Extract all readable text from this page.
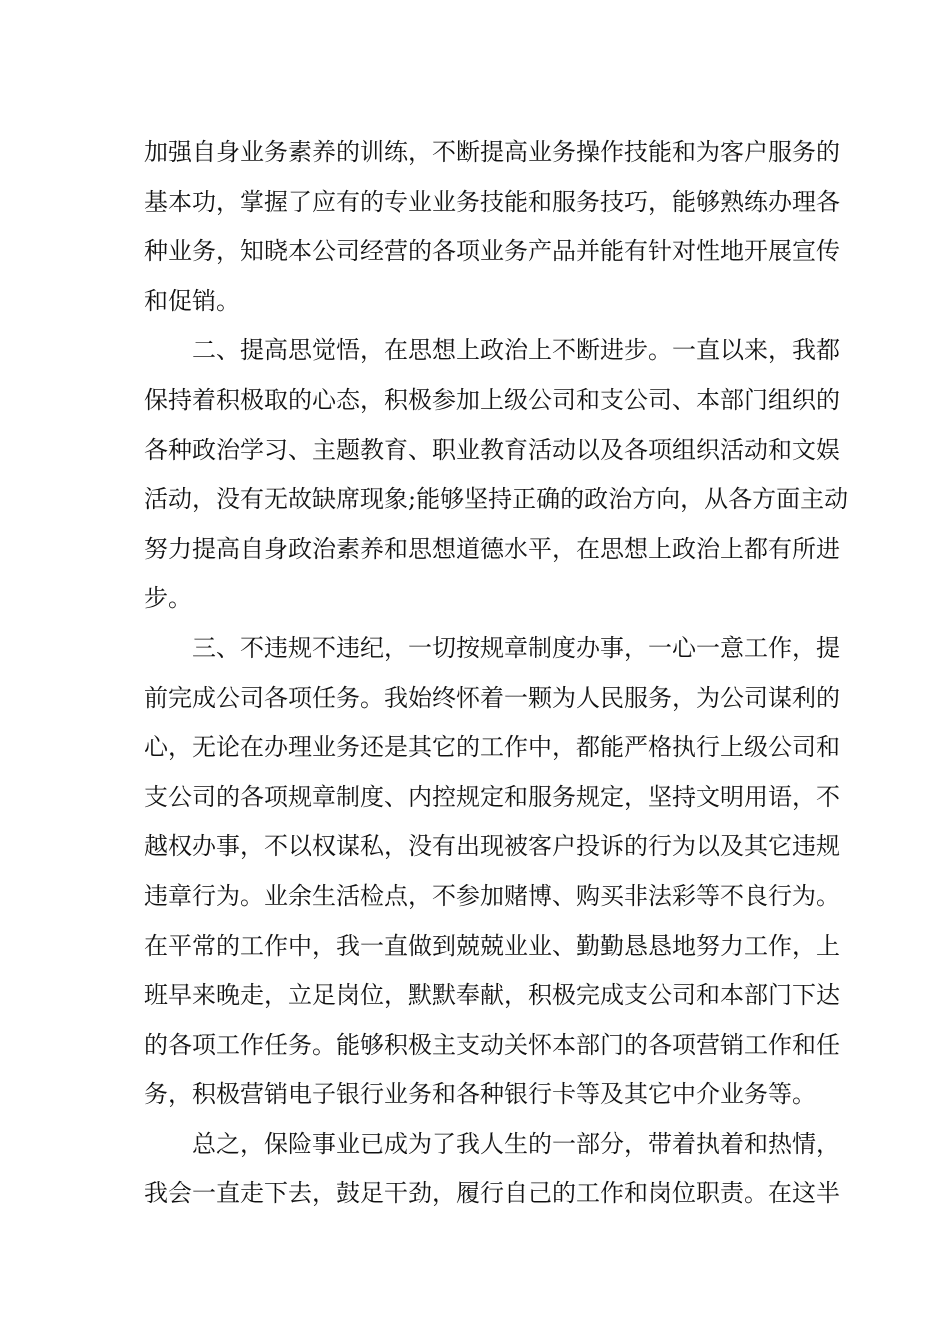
加强自身业务素养的训练，不断提高业务操作技能和为客户服务的
基本功，掌握了应有的专业业务技能和服务技巧，能够熟练办理各
种业务，知晓本公司经营的各项业务产品并能有针对性地开展宣传
和促销。
二、提高思觉悟，在思想上政治上不断进步。一直以来，我都
保持着积极取的心态，积极参加上级公司和支公司、本部门组织的
各种政治学习、主题教育、职业教育活动以及各项组织活动和文娱
活动，没有无故缺席现象;能够坚持正确的政治方向，从各方面主动
努力提高自身政治素养和思想道德水平，在思想上政治上都有所进
步。
三、不违规不违纪，一切按规章制度办事，一心一意工作，提
前完成公司各项任务。我始终怀着一颗为人民服务，为公司谋利的
心，无论在办理业务还是其它的工作中，都能严格执行上级公司和
支公司的各项规章制度、内控规定和服务规定，坚持文明用语，不
越权办事，不以权谋私，没有出现被客户投诉的行为以及其它违规
违章行为。业余生活检点，不参加赌博、购买非法彩等不良行为。
在平常的工作中，我一直做到兢兢业业、勤勤恳恳地努力工作，上
班早来晚走，立足岗位，默默奉献，积极完成支公司和本部门下达
的各项工作任务。能够积极主支动关怀本部门的各项营销工作和任
务，积极营销电子银行业务和各种银行卡等及其它中介业务等。
总之，保险事业已成为了我人生的一部分，带着执着和热情，
我会一直走下去，鼓足干劲，履行自己的工作和岗位职责。在这半
